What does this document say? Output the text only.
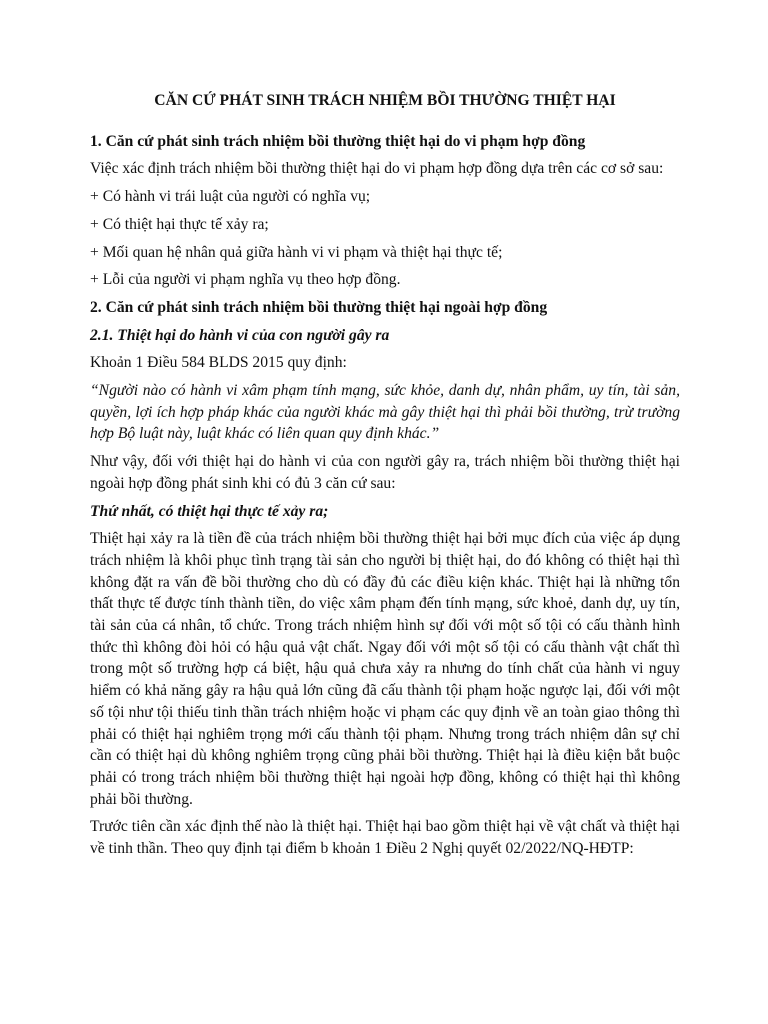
CĂN CỨ PHÁT SINH TRÁCH NHIỆM BỒI THƯỜNG THIỆT HẠI
1. Căn cứ phát sinh trách nhiệm bồi thường thiệt hại do vi phạm hợp đồng

Việc xác định trách nhiệm bồi thường thiệt hại do vi phạm hợp đồng dựa trên các cơ sở sau:

+ Có hành vi trái luật của người có nghĩa vụ;

+ Có thiệt hại thực tế xảy ra;

+ Mối quan hệ nhân quả giữa hành vi vi phạm và thiệt hại thực tế;

+ Lỗi của người vi phạm nghĩa vụ theo hợp đồng.

2. Căn cứ phát sinh trách nhiệm bồi thường thiệt hại ngoài hợp đồng
2.1. Thiệt hại do hành vi của con người gây ra

Khoản 1 Điều 584 BLDS 2015 quy định:

“Người nào có hành vi xâm phạm tính mạng, sức khỏe, danh dự, nhân phẩm, uy tín, tài sản, quyền, lợi ích hợp pháp khác của người khác mà gây thiệt hại thì phải bồi thường, trừ trường hợp Bộ luật này, luật khác có liên quan quy định khác.”

Như vậy, đối với thiệt hại do hành vi của con người gây ra, trách nhiệm bồi thường thiệt hại ngoài hợp đồng phát sinh khi có đủ 3 căn cứ sau:

Thứ nhất, có thiệt hại thực tế xảy ra;

Thiệt hại xảy ra là tiền đề của trách nhiệm bồi thường thiệt hại bởi mục đích của việc áp dụng trách nhiệm là khôi phục tình trạng tài sản cho người bị thiệt hại, do đó không có thiệt hại thì không đặt ra vấn đề bồi thường cho dù có đầy đủ các điều kiện khác. Thiệt hại là những tổn thất thực tế được tính thành tiền, do việc xâm phạm đến tính mạng, sức khoẻ, danh dự, uy tín, tài sản của cá nhân, tổ chức. Trong trách nhiệm hình sự đối với một số tội có cấu thành hình thức thì không đòi hỏi có hậu quả vật chất. Ngay đối với một số tội có cấu thành vật chất thì trong một số trường hợp cá biệt, hậu quả chưa xảy ra nhưng do tính chất của hành vi nguy hiểm có khả năng gây ra hậu quả lớn cũng đã cấu thành tội phạm hoặc ngược lại, đối với một số tội như tội thiếu tinh thần trách nhiệm hoặc vi phạm các quy định về an toàn giao thông thì phải có thiệt hại nghiêm trọng mới cấu thành tội phạm. Nhưng trong trách nhiệm dân sự chỉ cần có thiệt hại dù không nghiêm trọng cũng phải bồi thường. Thiệt hại là điều kiện bắt buộc phải có trong trách nhiệm bồi thường thiệt hại ngoài hợp đồng, không có thiệt hại thì không phải bồi thường.

Trước tiên cần xác định thế nào là thiệt hại. Thiệt hại bao gồm thiệt hại về vật chất và thiệt hại về tinh thần. Theo quy định tại điểm b khoản 1 Điều 2 Nghị quyết 02/2022/NQ-HĐTP:
